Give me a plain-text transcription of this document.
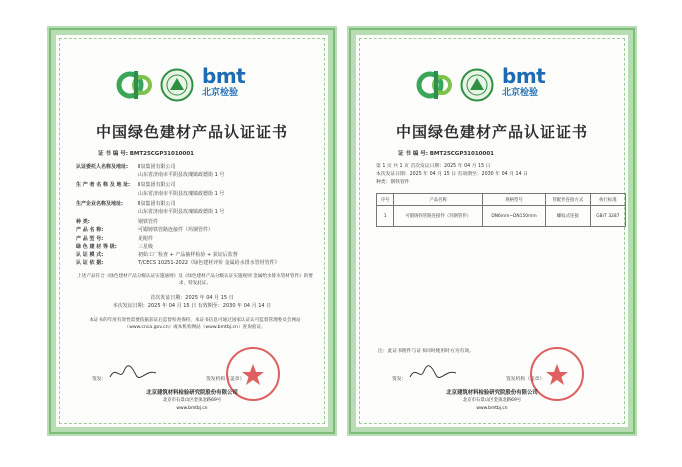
bmt
北京检验
中国绿色建材产品认证证书
证 书 编 号: BMT25CGP31010001
认证委托人名称及地址:	Ⅱ泉集团有限公司
山东省济南市平阴县玫瑰镇政德街 1 号
生 产 者 名 称 及 地 址:	Ⅱ泉集团有限公司
山东省济南市平阴县玫瑰镇政德街 1 号
生产企业名称及地址:	Ⅱ泉集团有限公司
山东省济南市平阴县玫瑰镇政德街 1 号
种 类:	钢铁管件
产 品 名 称:	可锻铸铁管路连接件（玛钢管件）
产 品 型 号:	见附件
绿 色 建 材 等 级:	三星级
认 证 模 式:	初始工厂检查 + 产品抽样检验 + 获证后监督
认 证 依 据:	T/CECS 10251-2022《绿色建材评价 金属给水排水管材管件》
上述产品符合《绿色建材产品分级认证实施通则》及《绿色建材产品分级认证实施规则 金属给水排水管材管件》的要求，特发此证。
首次发证日期：2025 年 04 月 15 日
本次发证日期：2025 年 04 月 15 日 有效期至：2030 年 04 月 14 日
本证书的年度有效性需要依据获证后监督检查保持，本证书信息可通过国家认证认可监督管理委员会网站（www.cnca.gov.cn）或本机构网站（www.bmtbj.cn）查询验证。
签发：	签发机构（盖章）
北京建筑材料检验研究院股份有限公司
北京市石景山区金顶北路69号
www.bmtbj.cn
bmt
北京检验
中国绿色建材产品认证证书
证 书 编 号: BMT25CGP31010001
第 1 页 共 1 页 首次发证日期：2025 年 04 月 15 日
本次发证日期：2025 年 04 月 15 日 有效期至：2030 年 04 月 14 日
种类：钢铁管件
序号	产品名称	规格型号	管配件连接方式	执行标准
1	可锻铸铁管路连接件（玛钢管件）	DN6mm~DN150mm	螺纹式连接	GB/T 3287
注：此证书附件与证书同时使用时方为有效。
签发：	签发机构（盖章）
北京建筑材料检验研究院股份有限公司
北京市石景山区金顶北路69号
www.bmtbj.cn
